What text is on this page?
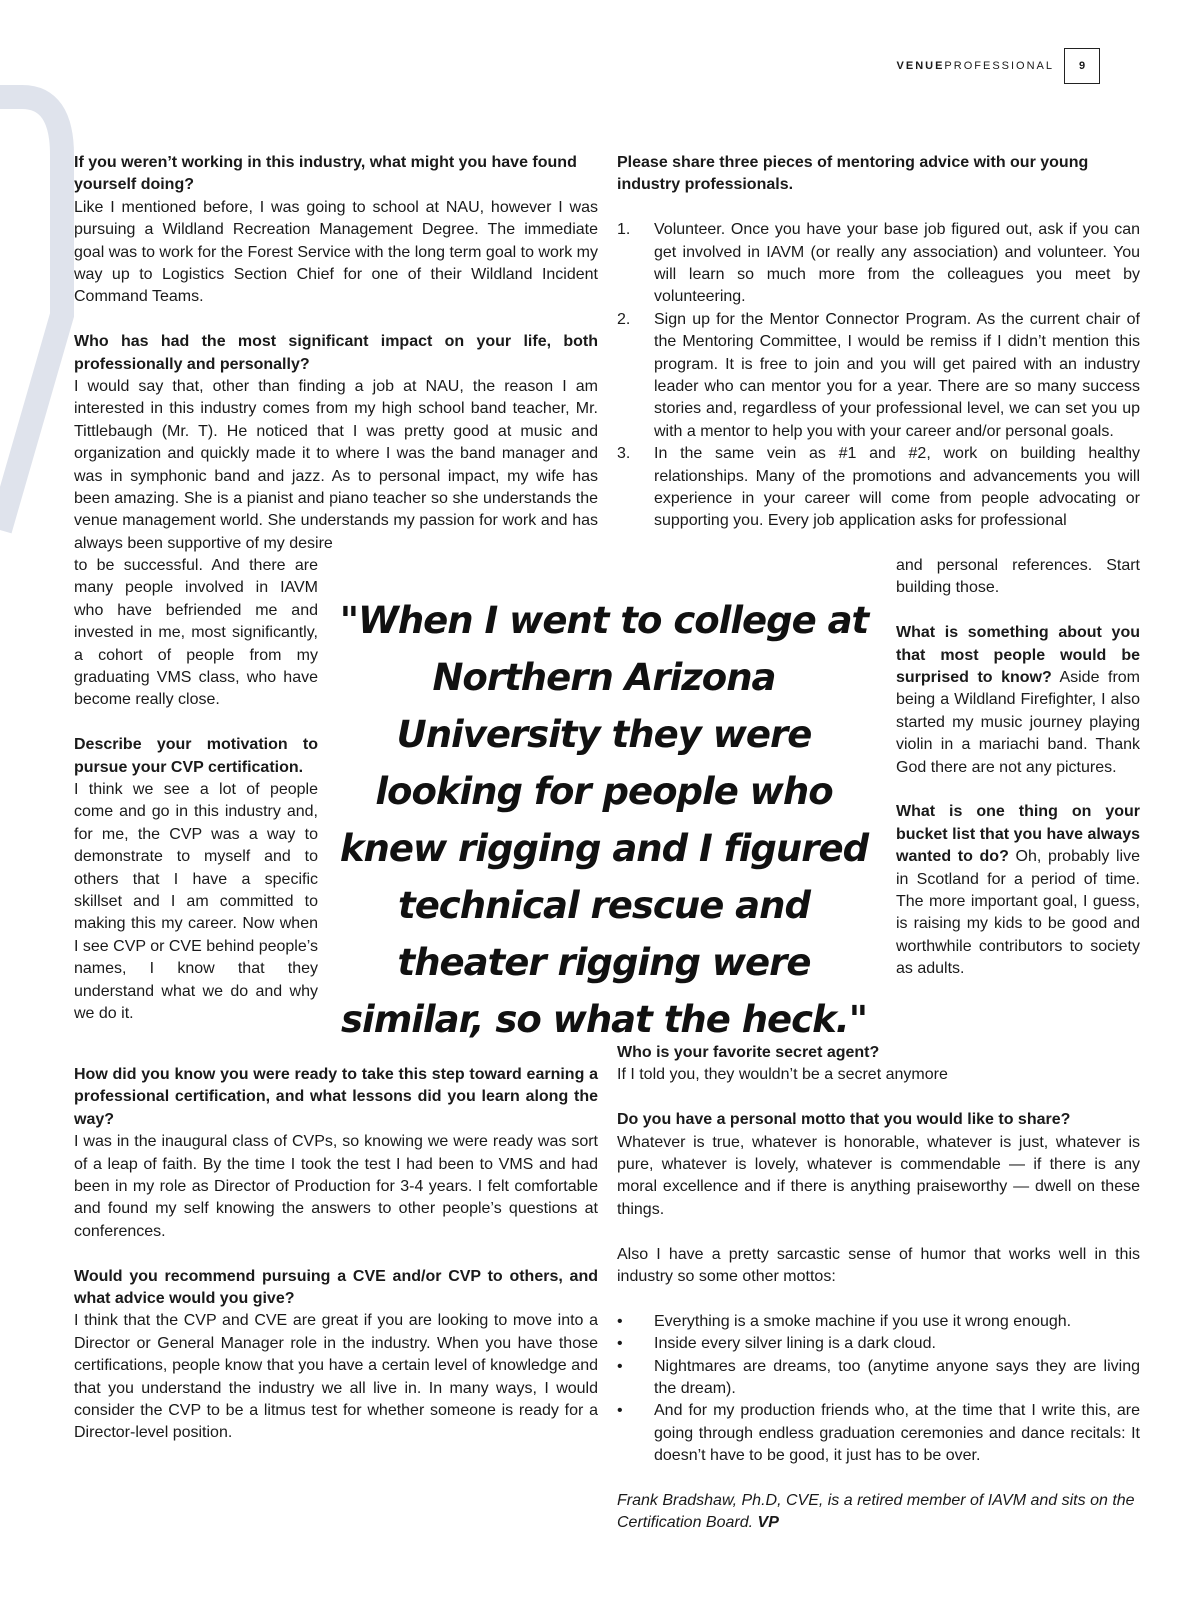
VENUEPROFESSIONAL	9

If you weren’t working in this industry, what might you have found yourself doing?

Like I mentioned before, I was going to school at NAU, however I was pursuing a Wildland Recreation Management Degree. The immediate goal was to work for the Forest Service with the long term goal to work my way up to Logistics Section Chief for one of their Wildland Incident Command Teams.

Who has had the most significant impact on your life, both professionally and personally?

I would say that, other than finding a job at NAU, the reason I am interested in this industry comes from my high school band teacher, Mr. Tittlebaugh (Mr. T). He noticed that I was pretty good at music and organization and quickly made it to where I was the band manager and was in symphonic band and jazz. As to personal impact, my wife has been amazing. She is a pianist and piano teacher so she understands the venue management world. She understands my passion for work and has always been supportive of my desire

to be successful. And there are many people involved in IAVM who have befriended me and invested in me, most significantly, a cohort of people from my graduating VMS class, who have become really close.

Describe your motivation to pursue your CVP certification.

I think we see a lot of people come and go in this industry and, for me, the CVP was a way to demonstrate to myself and to others that I have a specific skillset and I am committed to making this my career. Now when I see CVP or CVE behind people’s names, I know that they understand what we do and why we do it.

How did you know you were ready to take this step toward earning a professional certification, and what lessons did you learn along the way?

I was in the inaugural class of CVPs, so knowing we were ready was sort of a leap of faith. By the time I took the test I had been to VMS and had been in my role as Director of Production for 3-4 years. I felt comfortable and found my self knowing the answers to other people’s questions at conferences.

Would you recommend pursuing a CVE and/or CVP to others, and what advice would you give?

I think that the CVP and CVE are great if you are looking to move into a Director or General Manager role in the industry. When you have those certifications, people know that you have a certain level of knowledge and that you understand the industry we all live in. In many ways, I would consider the CVP to be a litmus test for whether someone is ready for a Director-level position.

"When I went to college at Northern Arizona University they were looking for people who knew rigging and I figured technical rescue and theater rigging were similar, so what the heck."

Please share three pieces of mentoring advice with our young industry professionals.

1. Volunteer. Once you have your base job figured out, ask if you can get involved in IAVM (or really any association) and volunteer. You will learn so much more from the colleagues you meet by volunteering.
2. Sign up for the Mentor Connector Program. As the current chair of the Mentoring Committee, I would be remiss if I didn’t mention this program. It is free to join and you will get paired with an industry leader who can mentor you for a year. There are so many success stories and, regardless of your professional level, we can set you up with a mentor to help you with your career and/or personal goals.
3. In the same vein as #1 and #2, work on building healthy relationships. Many of the promotions and advancements you will experience in your career will come from people advocating or supporting you. Every job application asks for professional

and personal references. Start building those.

What is something about you that most people would be surprised to know? Aside from being a Wildland Firefighter, I also started my music journey playing violin in a mariachi band. Thank God there are not any pictures.

What is one thing on your bucket list that you have always wanted to do? Oh, probably live in Scotland for a period of time. The more important goal, I guess, is raising my kids to be good and worthwhile contributors to society as adults.

Who is your favorite secret agent?

If I told you, they wouldn’t be a secret anymore

Do you have a personal motto that you would like to share?

Whatever is true, whatever is honorable, whatever is just, whatever is pure, whatever is lovely, whatever is commendable — if there is any moral excellence and if there is anything praiseworthy — dwell on these things.

Also I have a pretty sarcastic sense of humor that works well in this industry so some other mottos:

• Everything is a smoke machine if you use it wrong enough.
• Inside every silver lining is a dark cloud.
• Nightmares are dreams, too (anytime anyone says they are living the dream).
• And for my production friends who, at the time that I write this, are going through endless graduation ceremonies and dance recitals: It doesn’t have to be good, it just has to be over.

Frank Bradshaw, Ph.D, CVE, is a retired member of IAVM and sits on the Certification Board. VP
